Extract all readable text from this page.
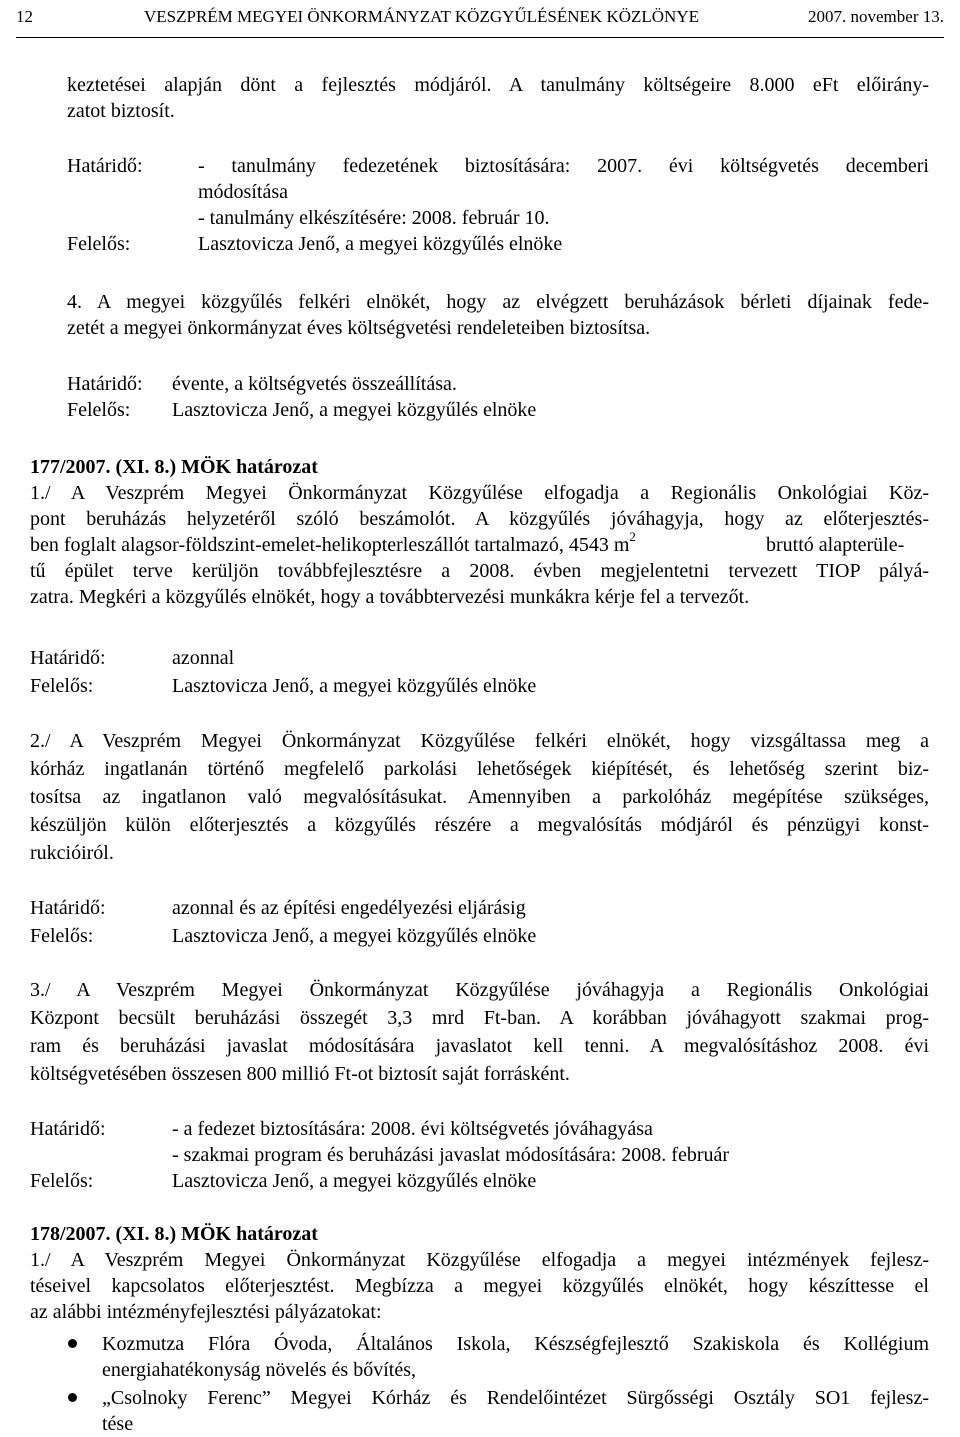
12	VESZPRÉM MEGYEI ÖNKORMÁNYZAT KÖZGYŰLÉSÉNEK KÖZLÖNYE	2007. november 13.
keztetései alapján dönt a fejlesztés módjáról. A tanulmány költségeire 8.000 eFt előirány-
zatot biztosít.
Határidő:	- tanulmány fedezetének biztosítására: 2007. évi költségvetés decemberi
módosítása
- tanulmány elkészítésére: 2008. február 10.
Felelős:	Lasztovicza Jenő, a megyei közgyűlés elnöke
4. A megyei közgyűlés felkéri elnökét, hogy az elvégzett beruházások bérleti díjainak fede-
zetét a megyei önkormányzat éves költségvetési rendeleteiben biztosítsa.
Határidő: évente, a költségvetés összeállítása.
Felelős: Lasztovicza Jenő, a megyei közgyűlés elnöke
177/2007. (XI. 8.) MÖK határozat
1./ A Veszprém Megyei Önkormányzat Közgyűlése elfogadja a Regionális Onkológiai Köz-
pont beruházás helyzetéről szóló beszámolót. A közgyűlés jóváhagyja, hogy az előterjesztés-
ben foglalt alagsor-földszint-emelet-helikopterleszállót tartalmazó, 4543 $m^2$	bruttó alapterüle-
tű épület terve kerüljön továbbfejlesztésre a 2008. évben megjelentetni tervezett TIOP pályá-
zatra. Megkéri a közgyűlés elnökét, hogy a továbbtervezési munkákra kérje fel a tervezőt.
Határidő:	azonnal
Felelős:	Lasztovicza Jenő, a megyei közgyűlés elnöke
2./ A Veszprém Megyei Önkormányzat Közgyűlése felkéri elnökét, hogy vizsgáltassa meg a
kórház ingatlanán történő megfelelő parkolási lehetőségek kiépítését, és lehetőség szerint biz-
tosítsa az ingatlanon való megvalósításukat. Amennyiben a parkolóház megépítése szükséges,
készüljön külön előterjesztés a közgyűlés részére a megvalósítás módjáról és pénzügyi konst-
rukcióiról.
Határidő:	azonnal és az építési engedélyezési eljárásig
Felelős:	Lasztovicza Jenő, a megyei közgyűlés elnöke
3./ A Veszprém Megyei Önkormányzat Közgyűlése jóváhagyja a Regionális Onkológiai
Központ becsült beruházási összegét 3,3 mrd Ft-ban. A korábban jóváhagyott szakmai prog-
ram és beruházási javaslat módosítására javaslatot kell tenni. A megvalósításhoz 2008. évi
költségvetésében összesen 800 millió Ft-ot biztosít saját forrásként.
Határidő:	- a fedezet biztosítására: 2008. évi költségvetés jóváhagyása
- szakmai program és beruházási javaslat módosítására: 2008. február
Felelős:	Lasztovicza Jenő, a megyei közgyűlés elnöke
178/2007. (XI. 8.) MÖK határozat
1./ A Veszprém Megyei Önkormányzat Közgyűlése elfogadja a megyei intézmények fejlesz-
téseivel kapcsolatos előterjesztést. Megbízza a megyei közgyűlés elnökét, hogy készíttesse el
az alábbi intézményfejlesztési pályázatokat:
Kozmutza Flóra Óvoda, Általános Iskola, Készségfejlesztő Szakiskola és Kollégium
energiahatékonyság növelés és bővítés,
„Csolnoky Ferenc” Megyei Kórház és Rendelőintézet Sürgősségi Osztály SO1 fejlesz-
tése
